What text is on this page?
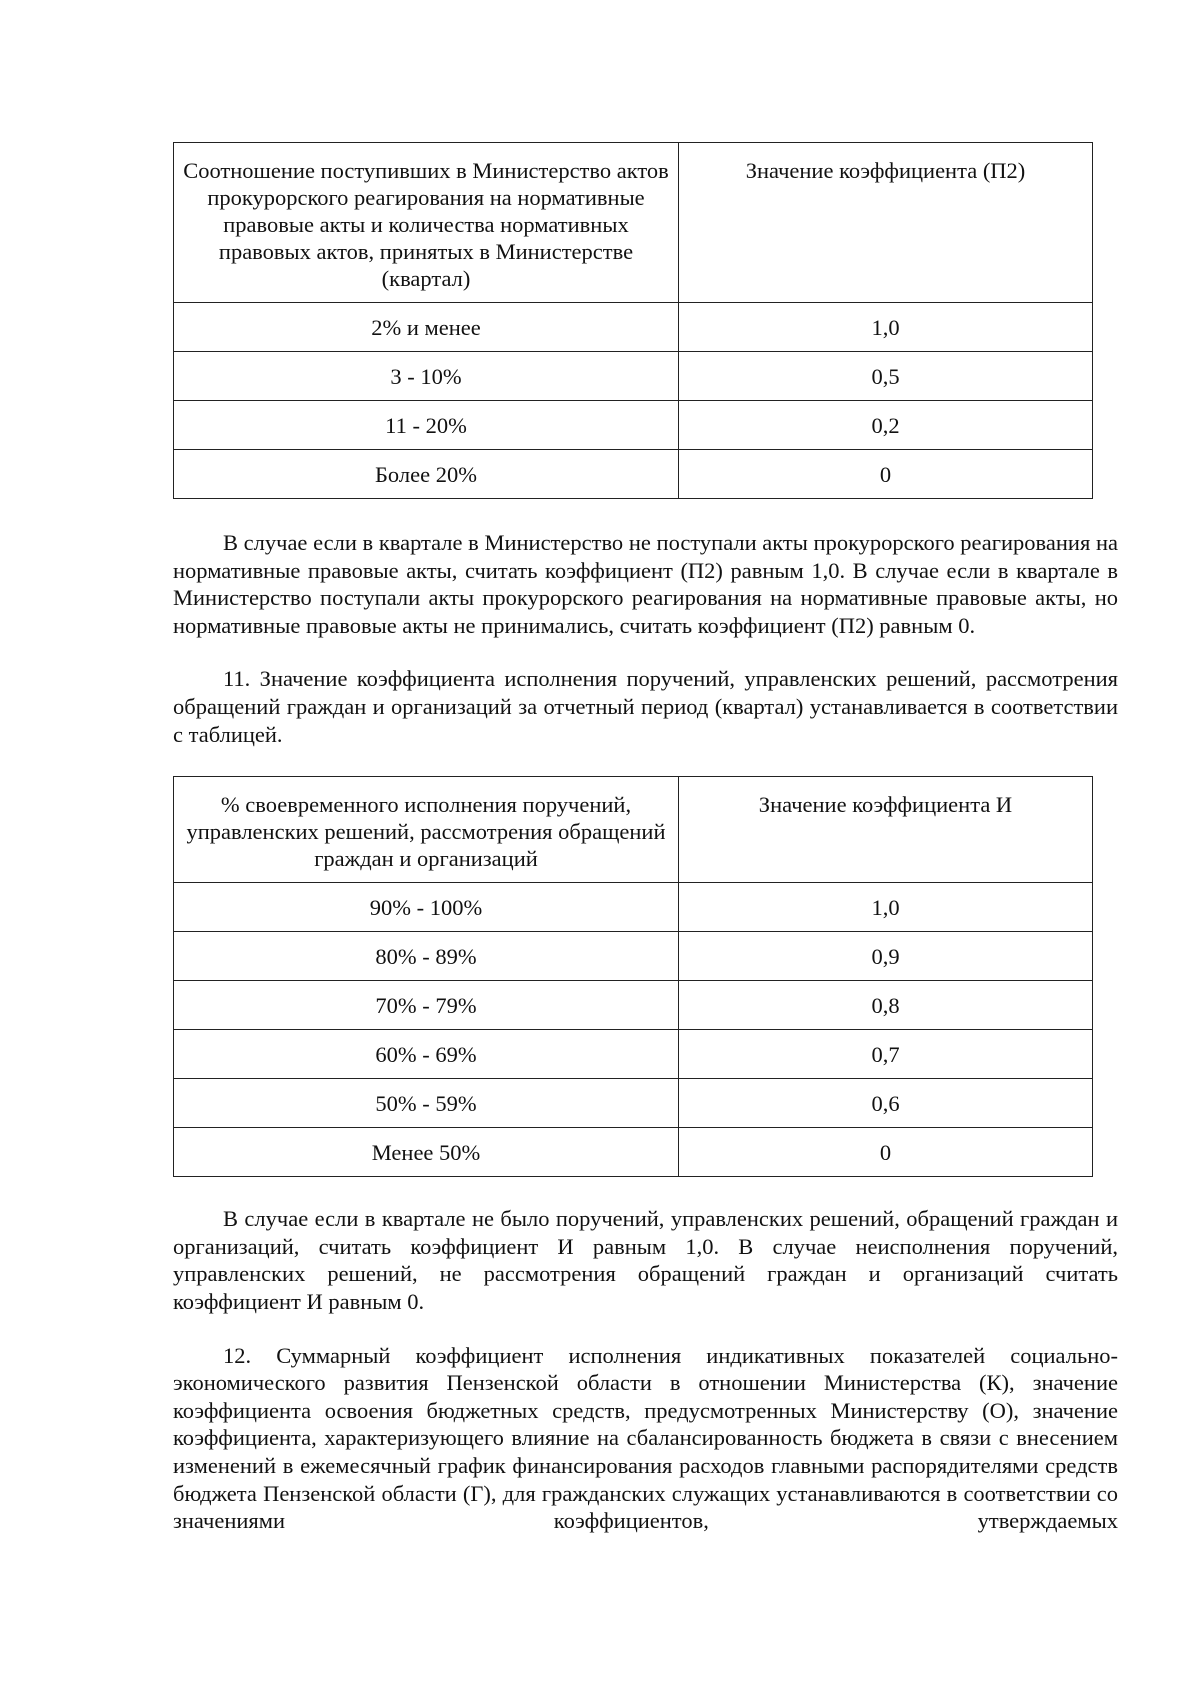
Соотношение поступивших в Министерство актов прокурорского реагирования на нормативные правовые акты и количества нормативных правовых актов, принятых в Министерстве (квартал)	Значение коэффициента (П2)
2% и менее	1,0
3 - 10%	0,5
11 - 20%	0,2
Более 20%	0

В случае если в квартале в Министерство не поступали акты прокурорского реагирования на нормативные правовые акты, считать коэффициент (П2) равным 1,0. В случае если в квартале в Министерство поступали акты прокурорского реагирования на нормативные правовые акты, но нормативные правовые акты не принимались, считать коэффициент (П2) равным 0.

11. Значение коэффициента исполнения поручений, управленских решений, рассмотрения обращений граждан и организаций за отчетный период (квартал) устанавливается в соответствии с таблицей.

% своевременного исполнения поручений, управленских решений, рассмотрения обращений граждан и организаций	Значение коэффициента И
90% - 100%	1,0
80% - 89%	0,9
70% - 79%	0,8
60% - 69%	0,7
50% - 59%	0,6
Менее 50%	0

В случае если в квартале не было поручений, управленских решений, обращений граждан и организаций, считать коэффициент И равным 1,0. В случае неисполнения поручений, управленских решений, не рассмотрения обращений граждан и организаций считать коэффициент И равным 0.

12. Суммарный коэффициент исполнения индикативных показателей социально-экономического развития Пензенской области в отношении Министерства (К), значение коэффициента освоения бюджетных средств, предусмотренных Министерству (О), значение коэффициента, характеризующего влияние на сбалансированность бюджета в связи с внесением изменений в ежемесячный график финансирования расходов главными распорядителями средств бюджета Пензенской области (Г), для гражданских служащих устанавливаются в соответствии со значениями коэффициентов, утверждаемых
